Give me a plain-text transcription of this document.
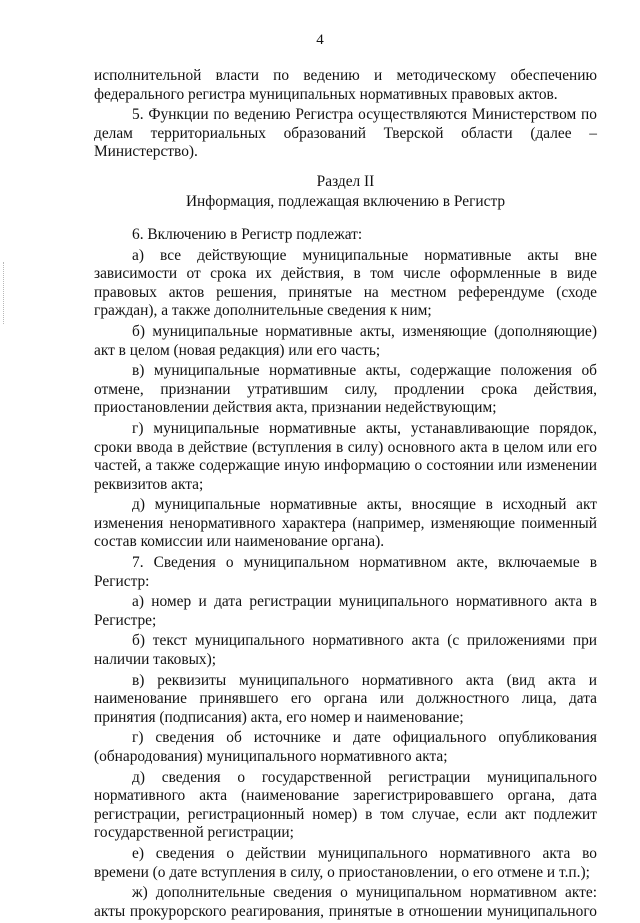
4

исполнительной власти по ведению и методическому обеспечению федерального регистра муниципальных нормативных правовых актов.

5. Функции по ведению Регистра осуществляются Министерством по делам территориальных образований Тверской области (далее – Министерство).

Раздел II
Информация, подлежащая включению в Регистр

6. Включению в Регистр подлежат:

а) все действующие муниципальные нормативные акты вне зависимости от срока их действия, в том числе оформленные в виде правовых актов решения, принятые на местном референдуме (сходе граждан), а также дополнительные сведения к ним;

б) муниципальные нормативные акты, изменяющие (дополняющие) акт в целом (новая редакция) или его часть;

в) муниципальные нормативные акты, содержащие положения об отмене, признании утратившим силу, продлении срока действия, приостановлении действия акта, признании недействующим;

г) муниципальные нормативные акты, устанавливающие порядок, сроки ввода в действие (вступления в силу) основного акта в целом или его частей, а также содержащие иную информацию о состоянии или изменении реквизитов акта;

д) муниципальные нормативные акты, вносящие в исходный акт изменения ненормативного характера (например, изменяющие поименный состав комиссии или наименование органа).

7. Сведения о муниципальном нормативном акте, включаемые в Регистр:

а) номер и дата регистрации муниципального нормативного акта в Регистре;

б) текст муниципального нормативного акта (с приложениями при наличии таковых);

в) реквизиты муниципального нормативного акта (вид акта и наименование принявшего его органа или должностного лица, дата принятия (подписания) акта, его номер и наименование;

г) сведения об источнике и дате официального опубликования (обнародования) муниципального нормативного акта;

д) сведения о государственной регистрации муниципального нормативного акта (наименование зарегистрировавшего органа, дата регистрации, регистрационный номер) в том случае, если акт подлежит государственной регистрации;

е) сведения о действии муниципального нормативного акта во времени (о дате вступления в силу, о приостановлении, о его отмене и т.п.);

ж) дополнительные сведения о муниципальном нормативном акте: акты прокурорского реагирования, принятые в отношении муниципального
